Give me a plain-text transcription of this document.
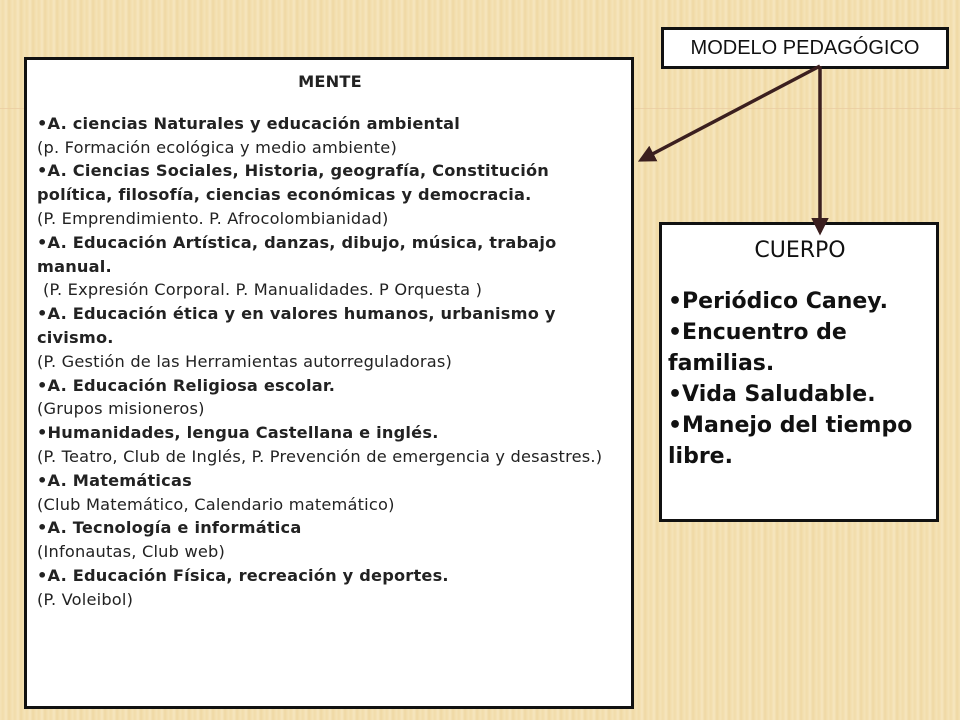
MODELO PEDAGÓGICO
MENTE
•A. ciencias Naturales y educación ambiental
(p. Formación ecológica y medio ambiente)
•A. Ciencias Sociales, Historia, geografía, Constitución política, filosofía, ciencias económicas y democracia.
(P. Emprendimiento. P. Afrocolombianidad)
•A. Educación Artística, danzas, dibujo, música, trabajo manual.
(P. Expresión Corporal. P. Manualidades. P Orquesta )
•A. Educación ética y en valores humanos, urbanismo y civismo.
(P. Gestión de las Herramientas autorreguladoras)
•A. Educación Religiosa escolar.
(Grupos misioneros)
•Humanidades, lengua Castellana e inglés.
(P. Teatro, Club de Inglés, P. Prevención de emergencia y desastres.)
•A. Matemáticas
(Club Matemático, Calendario matemático)
•A. Tecnología e informática
(Infonautas, Club web)
•A. Educación Física, recreación y deportes.
(P. Voleibol)
CUERPO
•Periódico Caney.
•Encuentro de familias.
•Vida Saludable.
•Manejo del tiempo libre.
